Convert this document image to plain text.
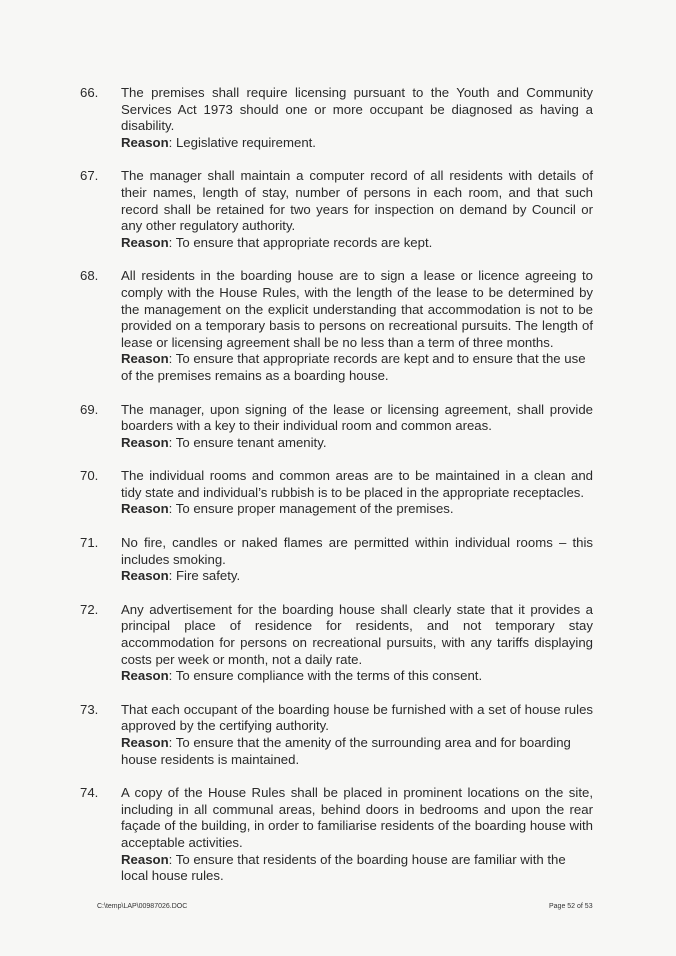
66. The premises shall require licensing pursuant to the Youth and Community Services Act 1973 should one or more occupant be diagnosed as having a disability.

Reason: Legislative requirement.

67. The manager shall maintain a computer record of all residents with details of their names, length of stay, number of persons in each room, and that such record shall be retained for two years for inspection on demand by Council or any other regulatory authority.

Reason: To ensure that appropriate records are kept.

68. All residents in the boarding house are to sign a lease or licence agreeing to comply with the House Rules, with the length of the lease to be determined by the management on the explicit understanding that accommodation is not to be provided on a temporary basis to persons on recreational pursuits. The length of lease or licensing agreement shall be no less than a term of three months.

Reason: To ensure that appropriate records are kept and to ensure that the use of the premises remains as a boarding house.

69. The manager, upon signing of the lease or licensing agreement, shall provide boarders with a key to their individual room and common areas.

Reason: To ensure tenant amenity.

70. The individual rooms and common areas are to be maintained in a clean and tidy state and individual’s rubbish is to be placed in the appropriate receptacles.

Reason: To ensure proper management of the premises.

71. No fire, candles or naked flames are permitted within individual rooms – this includes smoking.

Reason: Fire safety.

72. Any advertisement for the boarding house shall clearly state that it provides a principal place of residence for residents, and not temporary stay accommodation for persons on recreational pursuits, with any tariffs displaying costs per week or month, not a daily rate.

Reason: To ensure compliance with the terms of this consent.

73. That each occupant of the boarding house be furnished with a set of house rules approved by the certifying authority.

Reason: To ensure that the amenity of the surrounding area and for boarding house residents is maintained.

74. A copy of the House Rules shall be placed in prominent locations on the site, including in all communal areas, behind doors in bedrooms and upon the rear façade of the building, in order to familiarise residents of the boarding house with acceptable activities.

Reason: To ensure that residents of the boarding house are familiar with the local house rules.

C:\temp\LAP\00987026.DOC	Page 52 of 53
